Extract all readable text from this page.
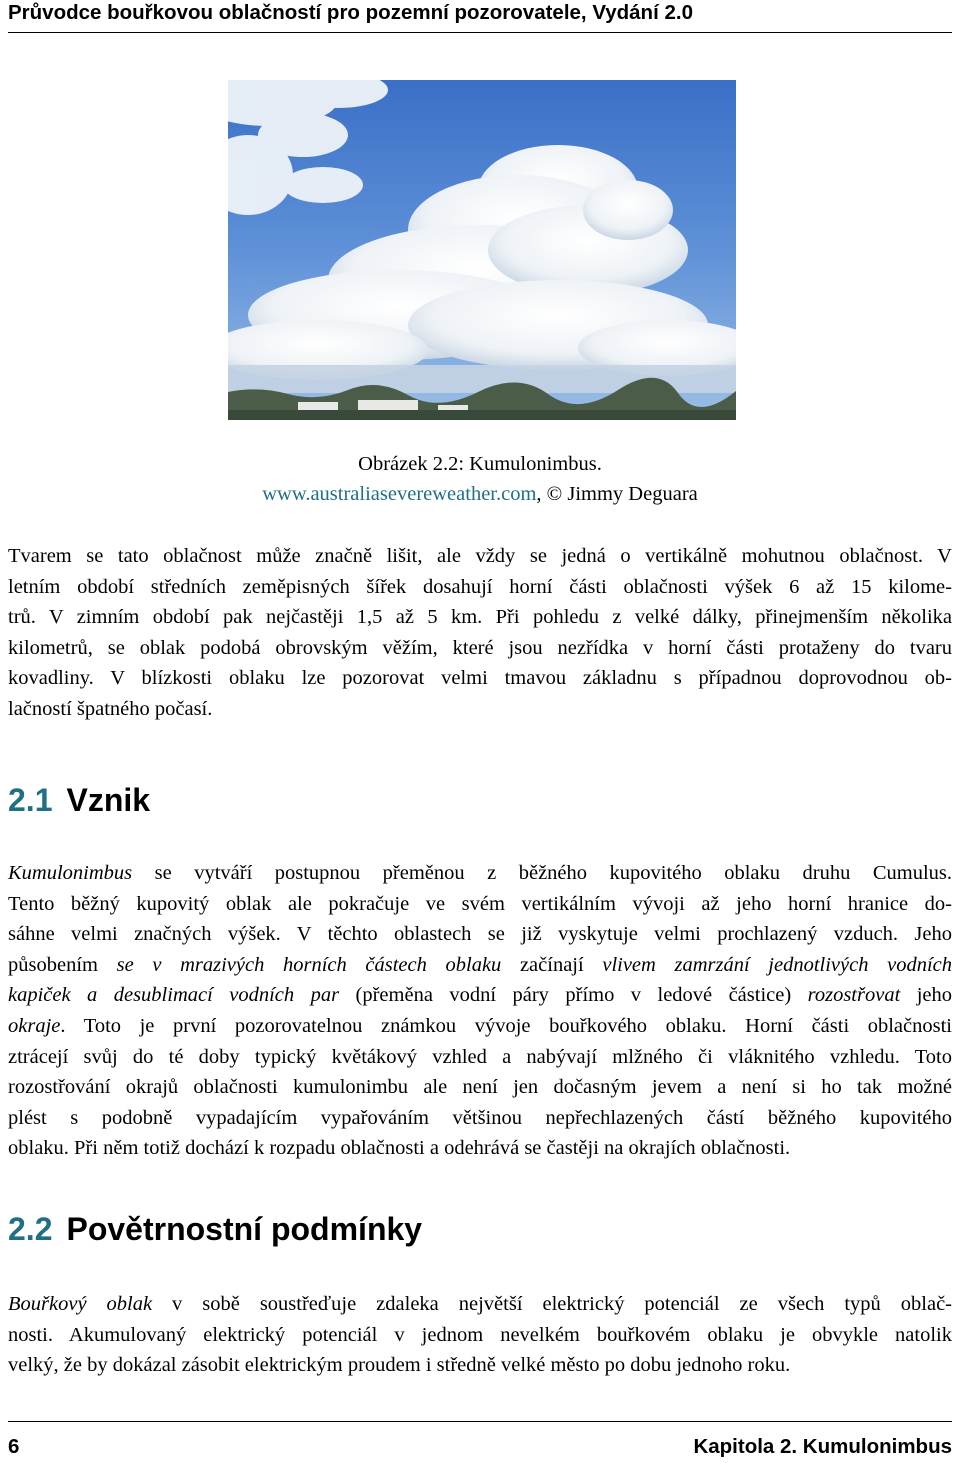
Průvodce bouřkovou oblačností pro pozemní pozorovatele, Vydání 2.0
Obrázek 2.2: Kumulonimbus.
www.australiasevereweather.com, © Jimmy Deguara

Tvarem se tato oblačnost může značně lišit, ale vždy se jedná o vertikálně mohutnou oblačnost. V
letním období středních zeměpisných šířek dosahují horní části oblačnosti výšek 6 až 15 kilome-
trů. V zimním období pak nejčastěji 1,5 až 5 km. Při pohledu z velké dálky, přinejmenším několika
kilometrů, se oblak podobá obrovským věžím, které jsou nezřídka v horní části protaženy do tvaru
kovadliny. V blízkosti oblaku lze pozorovat velmi tmavou základnu s případnou doprovodnou ob-
lačností špatného počasí.

2.1 Vznik

Kumulonimbus se vytváří postupnou přeměnou z běžného kupovitého oblaku druhu Cumulus.
Tento běžný kupovitý oblak ale pokračuje ve svém vertikálním vývoji až jeho horní hranice do-
sáhne velmi značných výšek. V těchto oblastech se již vyskytuje velmi prochlazený vzduch. Jeho
působením se v mrazivých horních částech oblaku začínají vlivem zamrzání jednotlivých vodních
kapiček a desublimací vodních par (přeměna vodní páry přímo v ledové částice) rozostřovat jeho
okraje. Toto je první pozorovatelnou známkou vývoje bouřkového oblaku. Horní části oblačnosti
ztrácejí svůj do té doby typický květákový vzhled a nabývají mlžného či vláknitého vzhledu. Toto
rozostřování okrajů oblačnosti kumulonimbu ale není jen dočasným jevem a není si ho tak možné
plést s podobně vypadajícím vypařováním většinou nepřechlazených částí běžného kupovitého
oblaku. Při něm totiž dochází k rozpadu oblačnosti a odehrává se častěji na okrajích oblačnosti.

2.2 Povětrnostní podmínky

Bouřkový oblak v sobě soustřeďuje zdaleka největší elektrický potenciál ze všech typů oblač-
nosti. Akumulovaný elektrický potenciál v jednom nevelkém bouřkovém oblaku je obvykle natolik
velký, že by dokázal zásobit elektrickým proudem i středně velké město po dobu jednoho roku.

6	Kapitola 2. Kumulonimbus
